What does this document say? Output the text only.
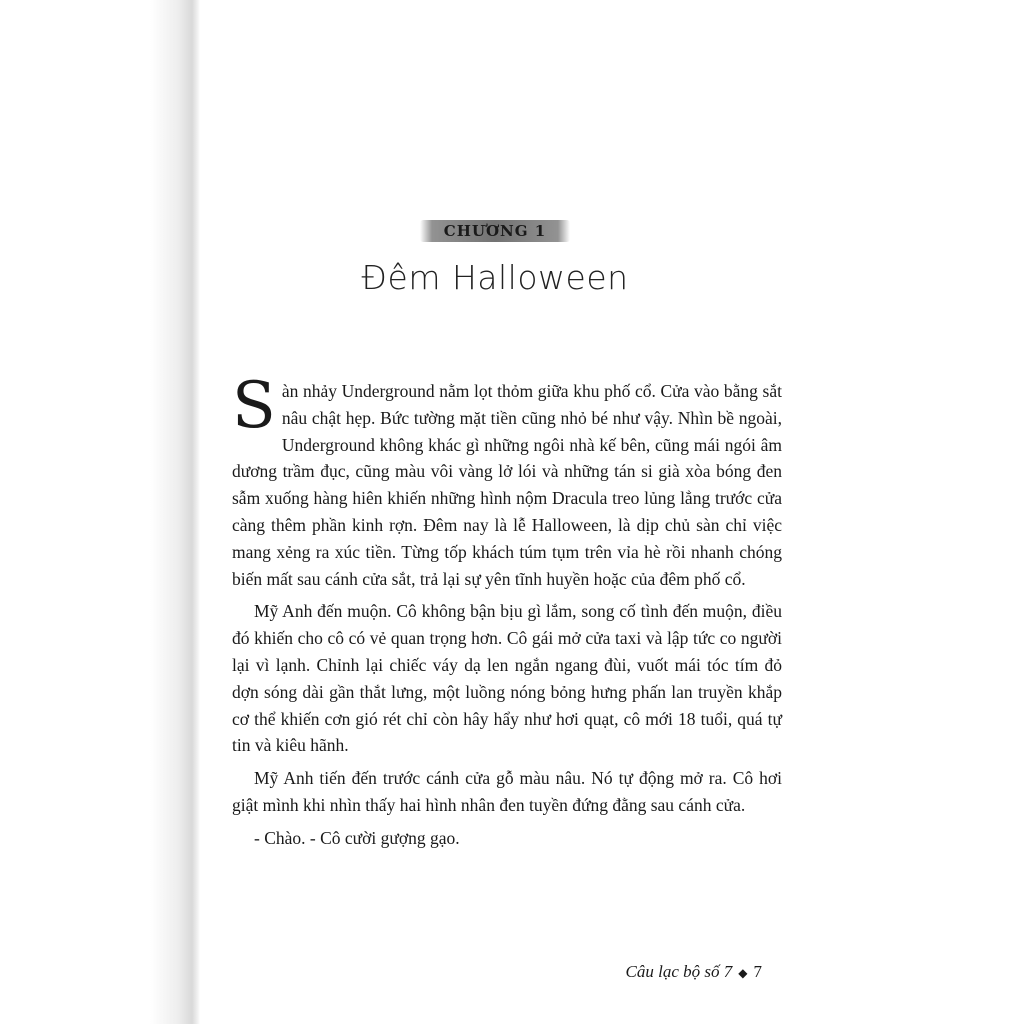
CHƯƠNG 1
Đêm Halloween

Sàn nhảy Underground nằm lọt thỏm giữa khu phố cổ. Cửa vào bằng sắt nâu chật hẹp. Bức tường mặt tiền cũng nhỏ bé như vậy. Nhìn bề ngoài, Underground không khác gì những ngôi nhà kế bên, cũng mái ngói âm dương trầm đục, cũng màu vôi vàng lở lói và những tán si già xòa bóng đen sẫm xuống hàng hiên khiến những hình nộm Dracula treo lủng lẳng trước cửa càng thêm phần kinh rợn. Đêm nay là lễ Halloween, là dịp chủ sàn chỉ việc mang xẻng ra xúc tiền. Từng tốp khách túm tụm trên vỉa hè rồi nhanh chóng biến mất sau cánh cửa sắt, trả lại sự yên tĩnh huyền hoặc của đêm phố cổ.

Mỹ Anh đến muộn. Cô không bận bịu gì lắm, song cố tình đến muộn, điều đó khiến cho cô có vẻ quan trọng hơn. Cô gái mở cửa taxi và lập tức co người lại vì lạnh. Chỉnh lại chiếc váy dạ len ngắn ngang đùi, vuốt mái tóc tím đỏ dợn sóng dài gần thắt lưng, một luồng nóng bỏng hưng phấn lan truyền khắp cơ thể khiến cơn gió rét chỉ còn hây hẩy như hơi quạt, cô mới 18 tuổi, quá tự tin và kiêu hãnh.

Mỹ Anh tiến đến trước cánh cửa gỗ màu nâu. Nó tự động mở ra. Cô hơi giật mình khi nhìn thấy hai hình nhân đen tuyền đứng đằng sau cánh cửa.

- Chào. - Cô cười gượng gạo.

Câu lạc bộ số 7 ◆ 7
